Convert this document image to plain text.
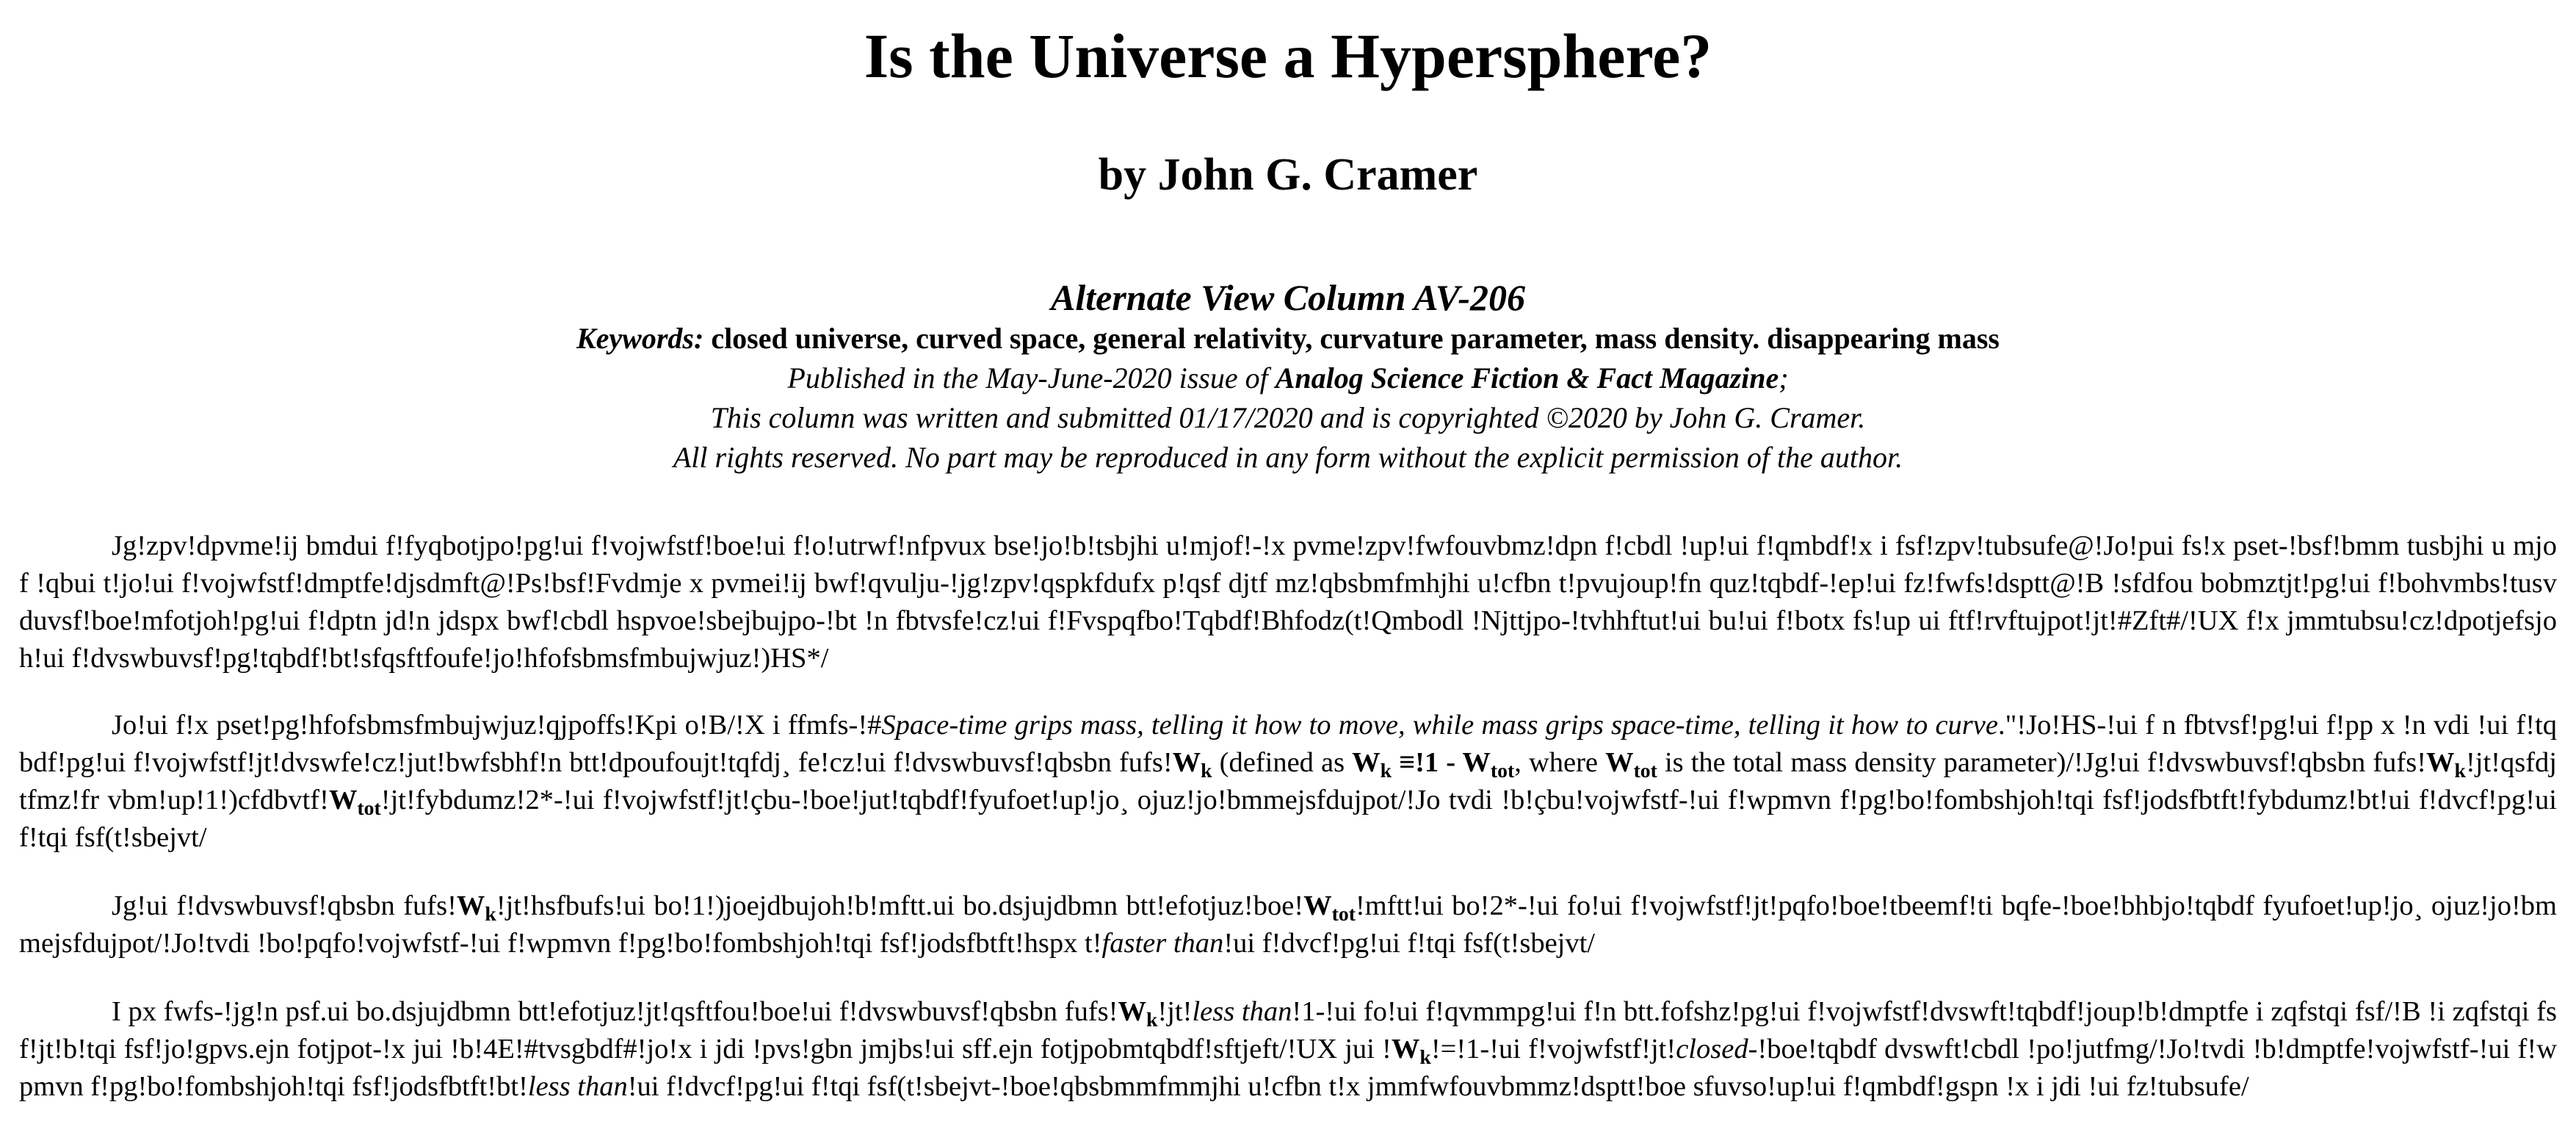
Is the Universe a Hypersphere?
by John G. Cramer
Alternate View Column AV-206

Keywords: closed universe, curved space, general relativity, curvature parameter, mass density. disappearing mass

Published in the May-June-2020 issue of Analog Science Fiction & Fact Magazine;

This column was written and submitted 01/17/2020 and is copyrighted ©2020 by John G. Cramer.

All rights reserved. No part may be reproduced in any form without the explicit permission of the author.

Jg!zpv!dpvme!ij bmdui f!fyqbotjpo!pg!ui f!vojwfstf!boe!ui f!o!utrwf!nfpvux bse!jo!b!tsbjhi u!mjof!-!x pvme!zpv!fwfouvbmz!dpn f!cbdl !up!ui f!qmbdf!x i fsf!zpv!tubsufe@!Jo!pui fs!x pset-!bsf!bmm tusbjhi u mjof !qbui t!jo!ui f!vojwfstf!dmptfe!djsdmft@!Ps!bsf!Fvdmje x pvmei!ij bwf!qvulju-!jg!zpv!qspkfdufx p!qsf djtf mz!qbsbmfmhjhi u!cfbn t!pvujoup!fn quz!tqbdf-!ep!ui fz!fwfs!dsptt@!B !sfdfou bobmztjt!pg!ui f!bohvmbs!tusvduvsf!boe!mfotjoh!pg!ui f!dptn jd!n jdspx bwf!cbdl hspvoe!sbejbujpo-!bt !n fbtvsfe!cz!ui f!Fvspqfbo!Tqbdf!Bhfodz(t!Qmbodl !Njttjpo-!tvhhftut!ui bu!ui f!botx fs!up ui ftf!rvftujpot!jt!#Zft#/!UX f!x jmmtubsu!cz!dpotjefsjoh!ui f!dvswbuvsf!pg!tqbdf!bt!sfqsftfoufe!jo!hfofsbmsfmbujwjuz!)HS*/

Jo!ui f!x pset!pg!hfofsbmsfmbujwjuz!qjpoffs!Kpi o!B/!X i ffmfs-!#Space-time grips mass, telling it how to move, while mass grips space-time, telling it how to curve."!Jo!HS-!ui f n fbtvsf!pg!ui f!pp x !n vdi !ui f!tqbdf!pg!ui f!vojwfstf!jt!dvswfe!cz!jut!bwfsbhf!n btt!dpoufoujt!tqfdj¸ fe!cz!ui f!dvswbuvsf!qbsbn $fufs!W_k$ (defined as $W_k \equiv!1 - W_{tot}$, where $W_{tot}$ is the total mass density parameter)/!Jg!ui f!dvswbuvsf!qbsbn $fufs!W_k!jt!qsfdjtfmz!fr$ $vbm!up!1!)cfdbvtf!W_{tot}!jt!fybdumz!2*-!ui$ f!vojwfstf!jt!çbu-!boe!jut!tqbdf!fyufoet!up!jo¸ ojuz!jo!bmmejsfdujpot/!Jo tvdi !b!çbu!vojwfstf-!ui f!wpmvn f!pg!bo!fombshjoh!tqi fsf!jodsfbtft!fybdumz!bt!ui f!dvcf!pg!ui f!tqi fsf(t!sbejvt/

Jg!ui f!dvswbuvsf!qbsbn $fufs!W_k!jt!hsfbufs!ui$ bo!1!)joejdbujoh!b!mftt.ui bo.dsjujdbmn $btt!efotjuz!boe!W_{tot}!mftt!ui$ bo!2*-!ui fo!ui f!vojwfstf!jt!pqfo!boe!tbeemf!ti bqfe-!boe!bhbjo!tqbdf fyufoet!up!jo¸ ojuz!jo!bmmejsfdujpot/!Jo!tvdi !bo!pqfo!vojwfstf-!ui f!wpmvn f!pg!bo!fombshjoh!tqi fsf!jodsfbtft!hspx t!faster than!ui f!dvcf!pg!ui f!tqi fsf(t!sbejvt/

I px fwfs-!jg!n psf.ui bo.dsjujdbmn btt!efotjuz!jt!qsftfou!boe!ui f!dvswbuvsf!qbsbn $fufs!W_k!jt!less$ than!1-!ui fo!ui f!qvmmpg!ui f!n btt.fofshz!pg!ui f!vojwfstf!dvswft!tqbdf!joup!b!dmptfe i zqfstqi fsf/!B !i zqfstqi fsf!jt!b!tqi fsf!jo!gpvs.ejn fotjpot-!x jui !b!4E!#tvsgbdf#!jo!x i jdi !pvs!gbn jmjbs!ui sff.ejn fotjpobmtqbdf!sftjeft/!UX jui $!W_k!=!1-!ui$ f!vojwfstf!jt!closed-!boe!tqbdf dvswft!cbdl !po!jutfmg/!Jo!tvdi !b!dmptfe!vojwfstf-!ui f!wpmvn f!pg!bo!fombshjoh!tqi fsf!jodsfbtft!bt!less than!ui f!dvcf!pg!ui f!tqi fsf(t!sbejvt-!boe!qbsbmmfmmjhi u!cfbn t!x jmmfwfouvbmmz!dsptt!boe sfuvso!up!ui f!qmbdf!gspn !x i jdi !ui fz!tubsufe/
